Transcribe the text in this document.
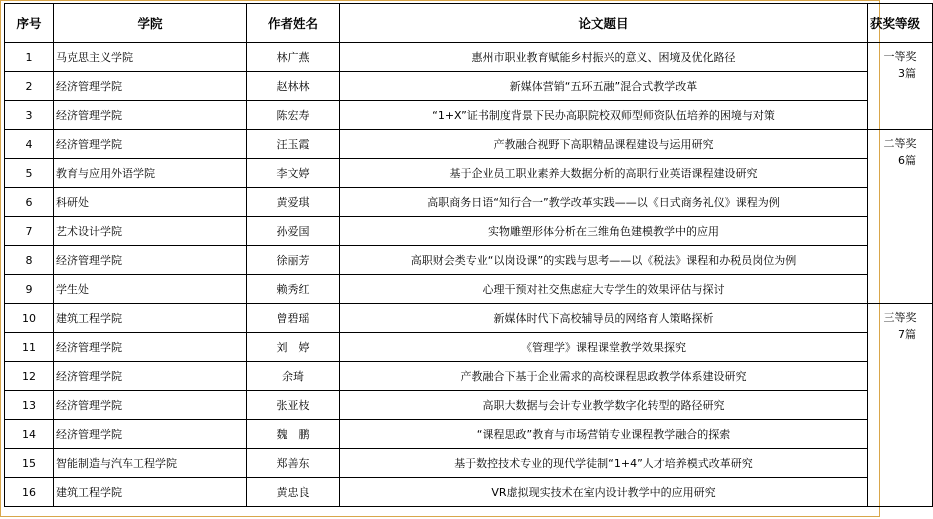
序号	学院	作者姓名	论文题目	获奖等级
1	马克思主义学院	林广燕	惠州市职业教育赋能乡村振兴的意义、困境及优化路径	一等奖
3篇

2	经济管理学院	赵林林	新媒体营销“五环五融”混合式教学改革	
3	经济管理学院	陈宏寿	“1+X”证书制度背景下民办高职院校双师型师资队伍培养的困境与对策	
4	经济管理学院	汪玉霞	产教融合视野下高职精品课程建设与运用研究	二等奖
6篇

5	教育与应用外语学院	李文婷	基于企业员工职业素养大数据分析的高职行业英语课程建设研究	
6	科研处	黄爱琪	高职商务日语“知行合一”教学改革实践——以《日式商务礼仪》课程为例	
7	艺术设计学院	孙爱国	实物雕塑形体分析在三维角色建模教学中的应用	
8	经济管理学院	徐丽芳	高职财会类专业“以岗设课”的实践与思考——以《税法》课程和办税员岗位为例	
9	学生处	赖秀红	心理干预对社交焦虑症大专学生的效果评估与探讨	
10	建筑工程学院	曾碧瑶	新媒体时代下高校辅导员的网络育人策略探析	三等奖
7篇

11	经济管理学院	刘　婷	《管理学》课程课堂教学效果探究	
12	经济管理学院	余琦	产教融合下基于企业需求的高校课程思政教学体系建设研究	
13	经济管理学院	张亚枝	高职大数据与会计专业教学数字化转型的路径研究	
14	经济管理学院	魏　鹏	“课程思政”教育与市场营销专业课程教学融合的探索	
15	智能制造与汽车工程学院	郑善东	基于数控技术专业的现代学徒制“1+4”人才培养模式改革研究	
16	建筑工程学院	黄忠良	VR虚拟现实技术在室内设计教学中的应用研究	
